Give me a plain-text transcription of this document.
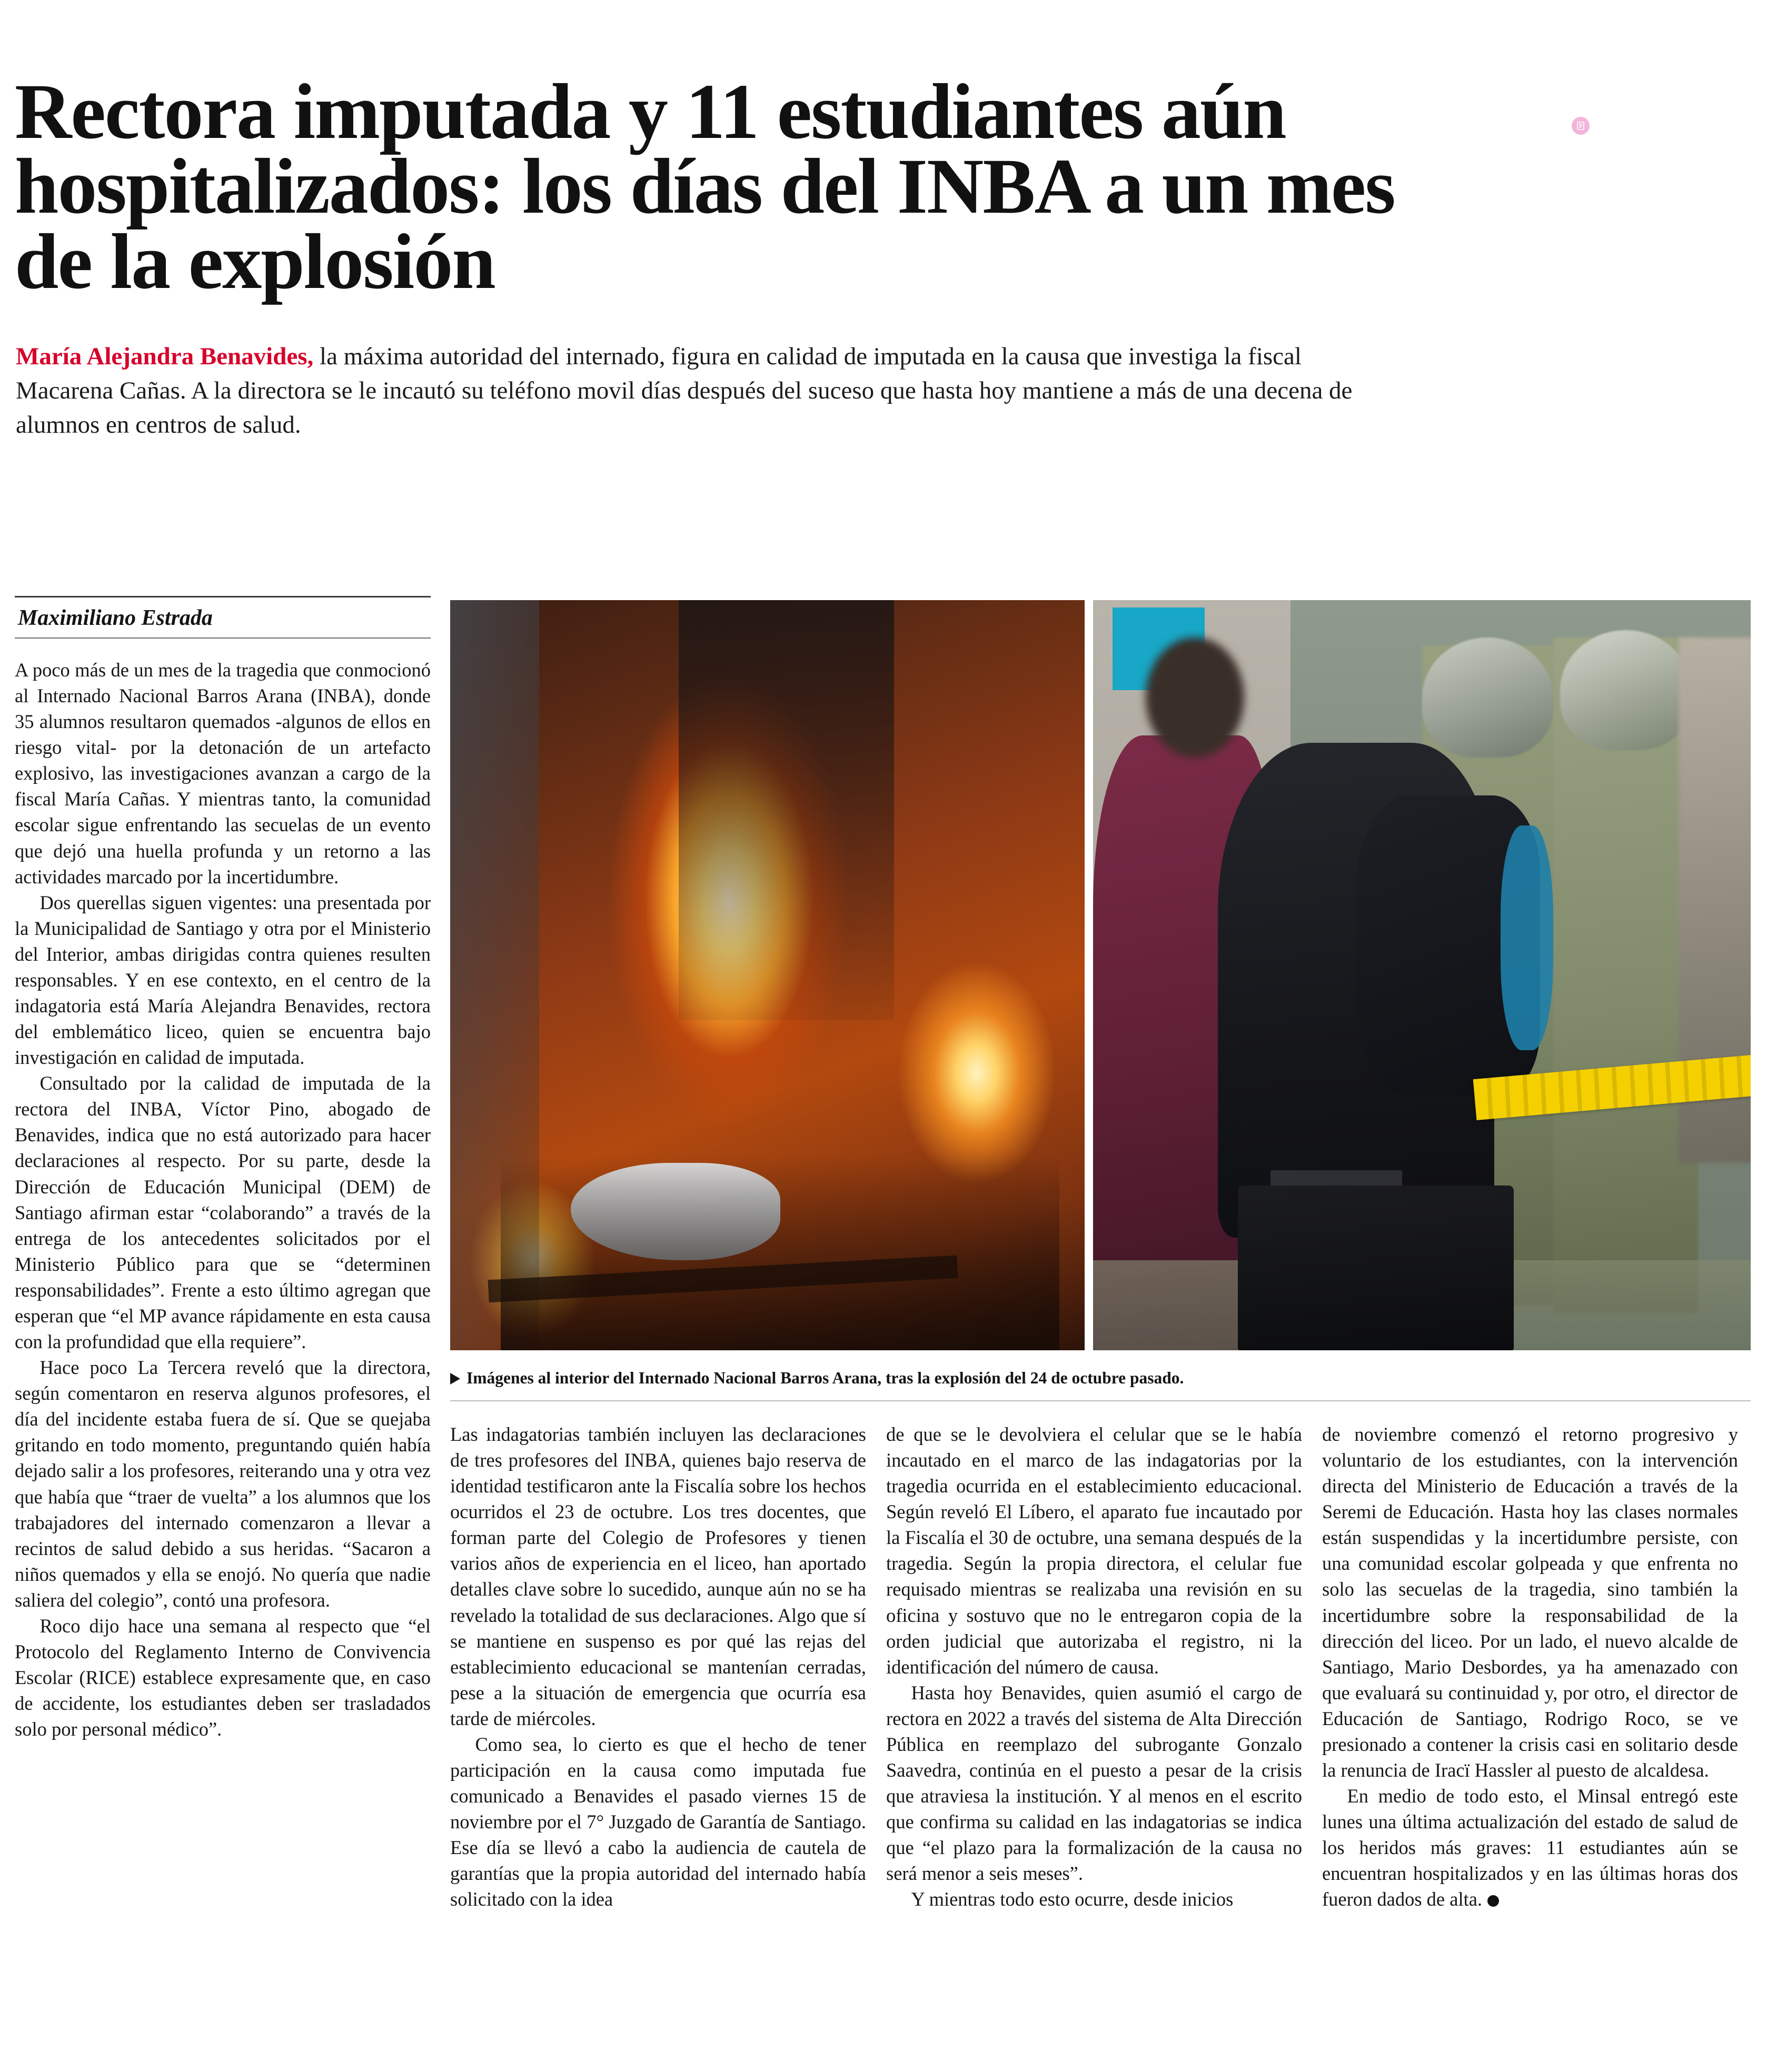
Rectora imputada y 11 estudiantes aún hospitalizados: los días del INBA a un mes de la explosión
María Alejandra Benavides, la máxima autoridad del internado, figura en calidad de imputada en la causa que investiga la fiscal Macarena Cañas. A la directora se le incautó su teléfono movil días después del suceso que hasta hoy mantiene a más de una decena de alumnos en centros de salud.
Maximiliano Estrada

A poco más de un mes de la tragedia que conmocionó al Internado Nacional Barros Arana (INBA), donde 35 alumnos resultaron quemados -algunos de ellos en riesgo vital- por la detonación de un artefacto explosivo, las investigaciones avanzan a cargo de la fiscal María Cañas. Y mientras tanto, la comunidad escolar sigue enfrentando las secuelas de un evento que dejó una huella profunda y un retorno a las actividades marcado por la incertidumbre.

Dos querellas siguen vigentes: una presentada por la Municipalidad de Santiago y otra por el Ministerio del Interior, ambas dirigidas contra quienes resulten responsables. Y en ese contexto, en el centro de la indagatoria está María Alejandra Benavides, rectora del emblemático liceo, quien se encuentra bajo investigación en calidad de imputada.

Consultado por la calidad de imputada de la rectora del INBA, Víctor Pino, abogado de Benavides, indica que no está autorizado para hacer declaraciones al respecto. Por su parte, desde la Dirección de Educación Municipal (DEM) de Santiago afirman estar “colaborando” a través de la entrega de los antecedentes solicitados por el Ministerio Público para que se “determinen responsabilidades”. Frente a esto último agregan que esperan que “el MP avance rápidamente en esta causa con la profundidad que ella requiere”.

Hace poco La Tercera reveló que la directora, según comentaron en reserva algunos profesores, el día del incidente estaba fuera de sí. Que se quejaba gritando en todo momento, preguntando quién había dejado salir a los profesores, reiterando una y otra vez que había que “traer de vuelta” a los alumnos que los trabajadores del internado comenzaron a llevar a recintos de salud debido a sus heridas. “Sacaron a niños quemados y ella se enojó. No quería que nadie saliera del colegio”, contó una profesora.

Roco dijo hace una semana al respecto que “el Protocolo del Reglamento Interno de Convivencia Escolar (RICE) establece expresamente que, en caso de accidente, los estudiantes deben ser trasladados solo por personal médico”.

Imágenes al interior del Internado Nacional Barros Arana, tras la explosión del 24 de octubre pasado.

Las indagatorias también incluyen las declaraciones de tres profesores del INBA, quienes bajo reserva de identidad testificaron ante la Fiscalía sobre los hechos ocurridos el 23 de octubre. Los tres docentes, que forman parte del Colegio de Profesores y tienen varios años de experiencia en el liceo, han aportado detalles clave sobre lo sucedido, aunque aún no se ha revelado la totalidad de sus declaraciones. Algo que sí se mantiene en suspenso es por qué las rejas del establecimiento educacional se mantenían cerradas, pese a la situación de emergencia que ocurría esa tarde de miércoles.

Como sea, lo cierto es que el hecho de tener participación en la causa como imputada fue comunicado a Benavides el pasado viernes 15 de noviembre por el 7° Juzgado de Garantía de Santiago. Ese día se llevó a cabo la audiencia de cautela de garantías que la propia autoridad del internado había solicitado con la idea

de que se le devolviera el celular que se le había incautado en el marco de las indagatorias por la tragedia ocurrida en el establecimiento educacional. Según reveló El Líbero, el aparato fue incautado por la Fiscalía el 30 de octubre, una semana después de la tragedia. Según la propia directora, el celular fue requisado mientras se realizaba una revisión en su oficina y sostuvo que no le entregaron copia de la orden judicial que autorizaba el registro, ni la identificación del número de causa.

Hasta hoy Benavides, quien asumió el cargo de rectora en 2022 a través del sistema de Alta Dirección Pública en reemplazo del subrogante Gonzalo Saavedra, continúa en el puesto a pesar de la crisis que atraviesa la institución. Y al menos en el escrito que confirma su calidad en las indagatorias se indica que “el plazo para la formalización de la causa no será menor a seis meses”.

Y mientras todo esto ocurre, desde inicios

de noviembre comenzó el retorno progresivo y voluntario de los estudiantes, con la intervención directa del Ministerio de Educación a través de la Seremi de Educación. Hasta hoy las clases normales están suspendidas y la incertidumbre persiste, con una comunidad escolar golpeada y que enfrenta no solo las secuelas de la tragedia, sino también la incertidumbre sobre la responsabilidad de la dirección del liceo. Por un lado, el nuevo alcalde de Santiago, Mario Desbordes, ya ha amenazado con que evaluará su continuidad y, por otro, el director de Educación de Santiago, Rodrigo Roco, se ve presionado a contener la crisis casi en solitario desde la renuncia de Iracï Hassler al puesto de alcaldesa.

En medio de todo esto, el Minsal entregó este lunes una última actualización del estado de salud de los heridos más graves: 11 estudiantes aún se encuentran hospitalizados y en las últimas horas dos fueron dados de alta.
